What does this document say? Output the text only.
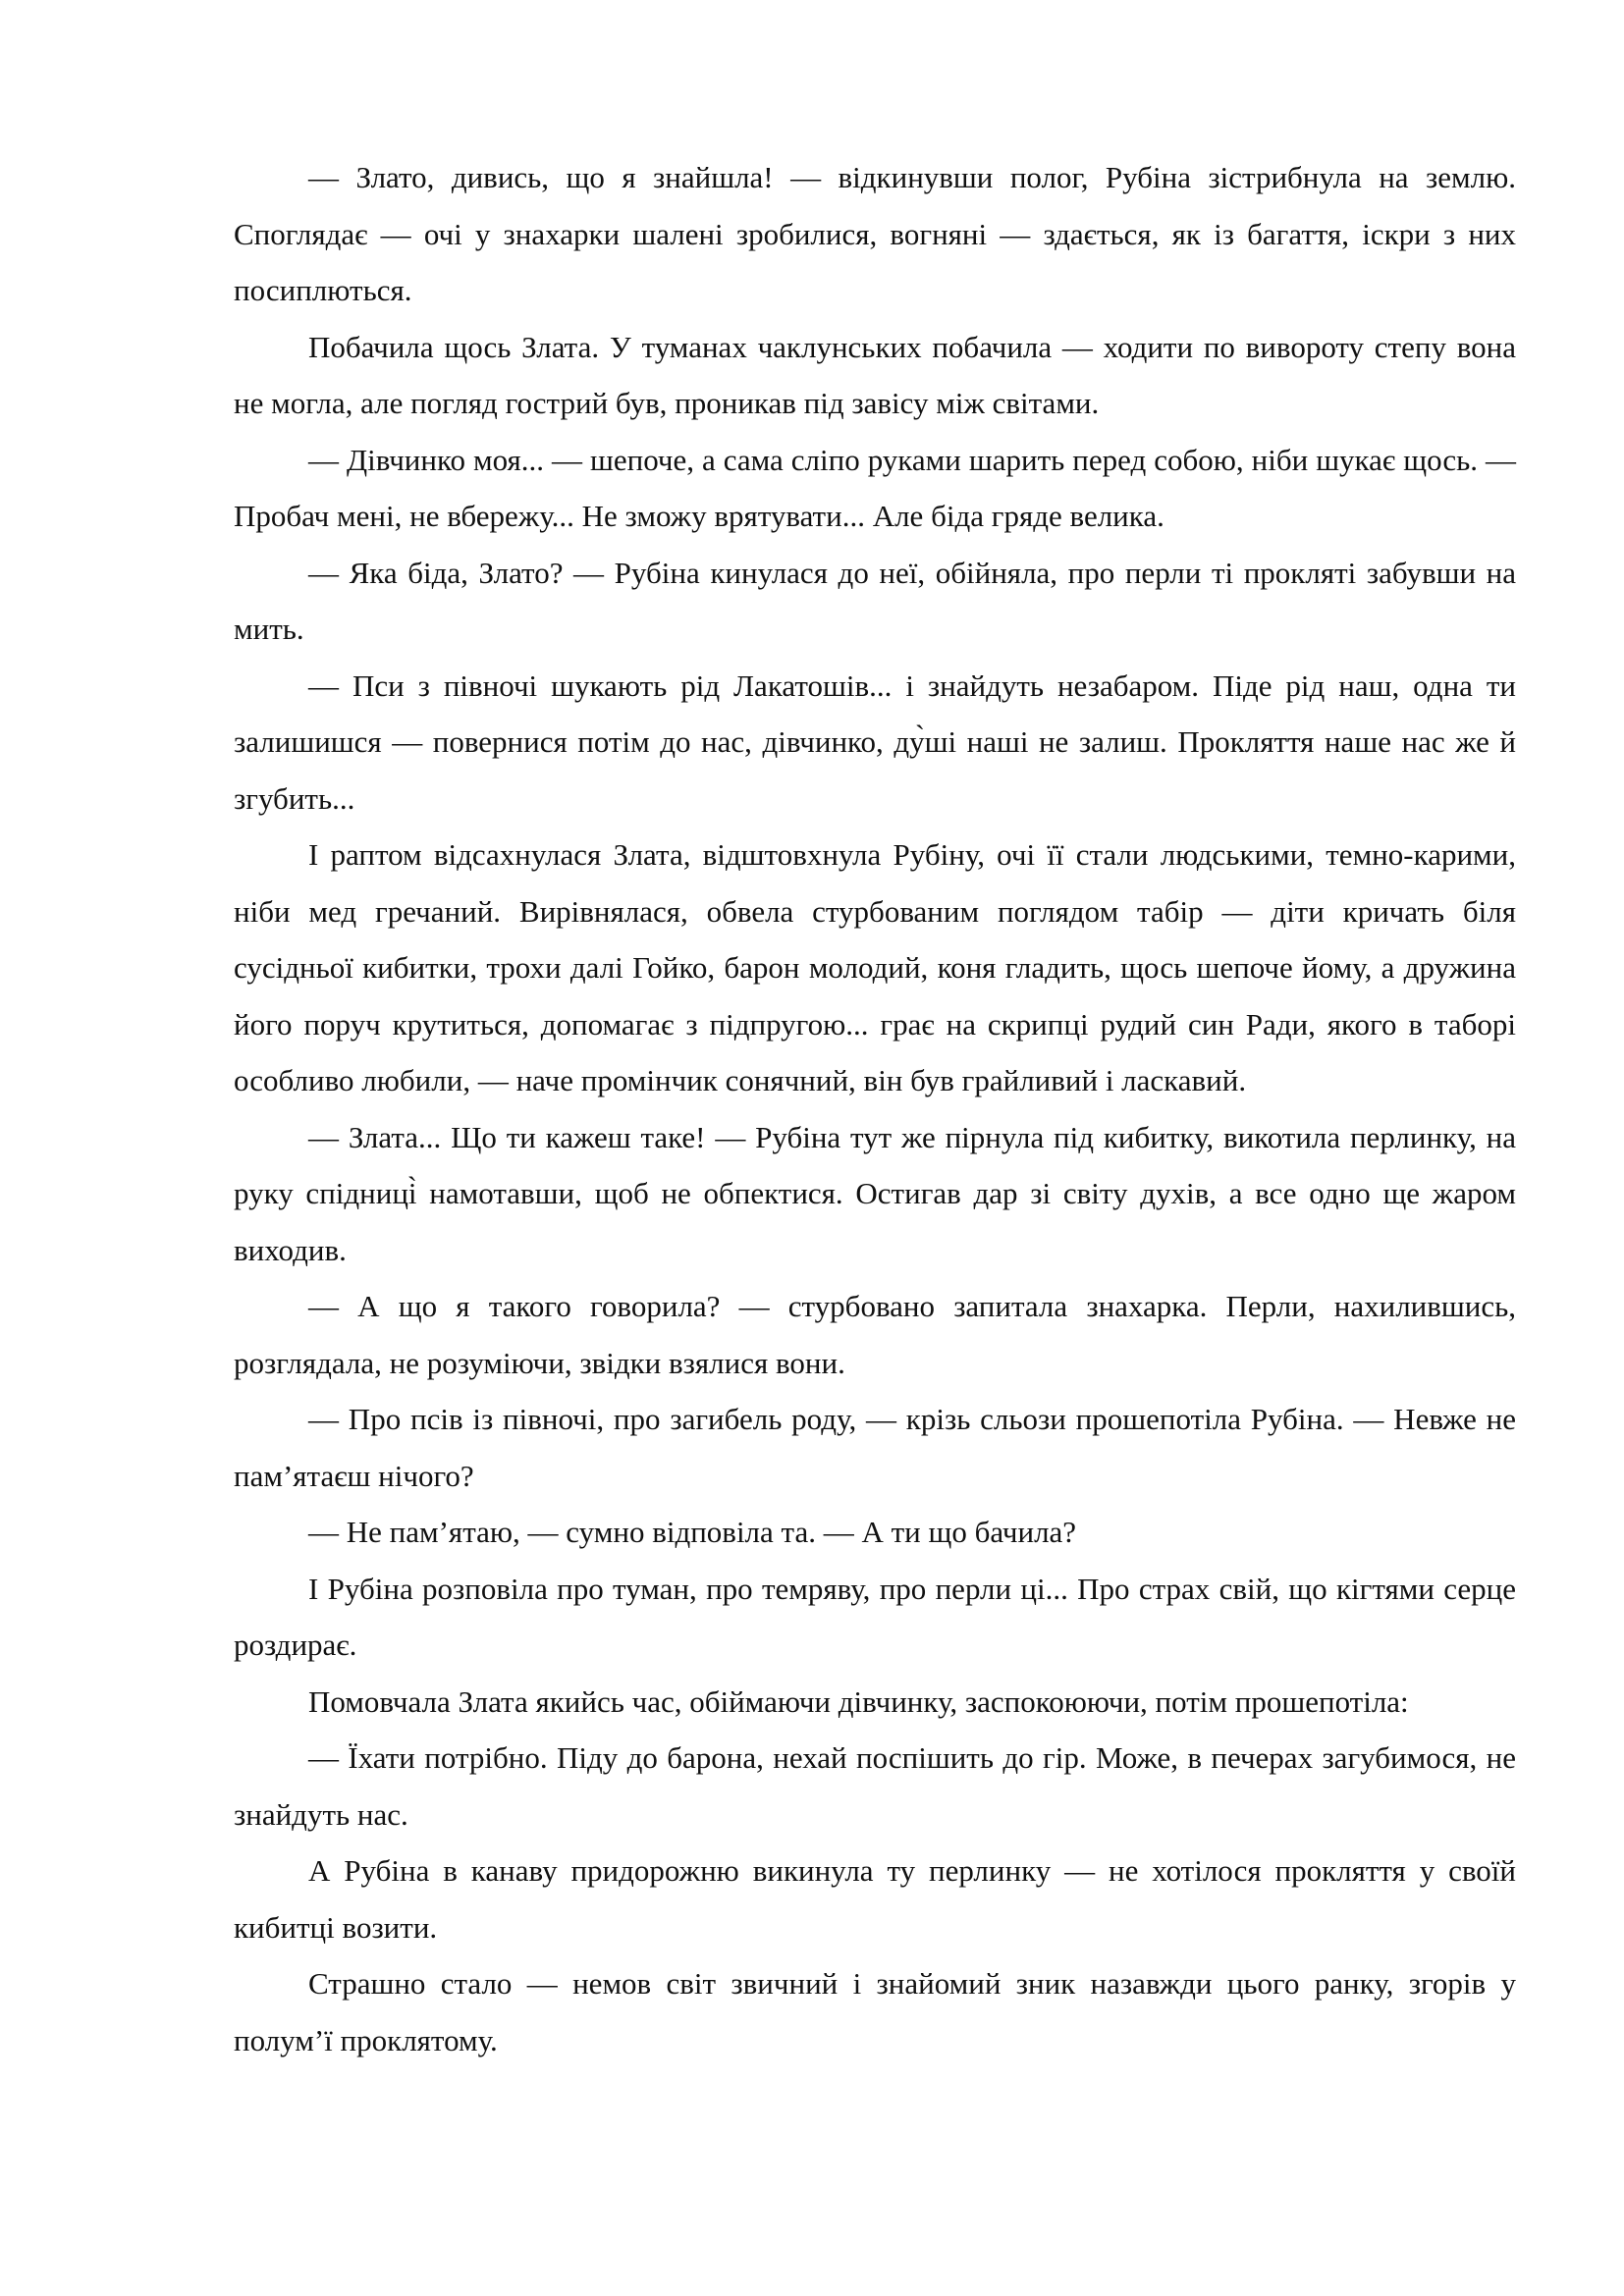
— Злато, дивись, що я знайшла! — відкинувши полог, Рубіна зістрибнула на землю. Споглядає — очі у знахарки шалені зробилися, вогняні — здається, як із багаття, іскри з них посиплються.

Побачила щось Злата. У туманах чаклунських побачила — ходити по вивороту степу вона не могла, але погляд гострий був, проникав під завісу між світами.

— Дівчинко моя... — шепоче, а сама сліпо руками шарить перед собою, ніби шукає щось. — Пробач мені, не вбережу... Не зможу врятувати... Але біда гряде велика.

— Яка біда, Злато? — Рубіна кинулася до неї, обійняла, про перли ті прокляті забувши на мить.

— Пси з півночі шукають рід Лакатошів... і знайдуть незабаром. Піде рід наш, одна ти залишишся — повернися потім до нас, дівчинко, ду̀ші наші не залиш. Прокляття наше нас же й згубить...

І раптом відсахнулася Злата, відштовхнула Рубіну, очі її стали людськими, темно-карими, ніби мед гречаний. Вирівнялася, обвела стурбованим поглядом табір — діти кричать біля сусідньої кибитки, трохи далі Гойко, барон молодий, коня гладить, щось шепоче йому, а дружина його поруч крутиться, допомагає з підпругою... грає на скрипці рудий син Ради, якого в таборі особливо любили, — наче промінчик сонячний, він був грайливий і ласкавий.

— Злата... Що ти кажеш таке! — Рубіна тут же пірнула під кибитку, викотила перлинку, на руку спідниці̀ намотавши, щоб не обпектися. Остигав дар зі світу духів, а все одно ще жаром виходив.

— А що я такого говорила? — стурбовано запитала знахарка. Перли, нахилившись, розглядала, не розуміючи, звідки взялися вони.

— Про псів із півночі, про загибель роду, — крізь сльози прошепотіла Рубіна. — Невже не пам’ятаєш нічого?

— Не пам’ятаю, — сумно відповіла та. — А ти що бачила?

І Рубіна розповіла про туман, про темряву, про перли ці... Про страх свій, що кігтями серце роздирає.

Помовчала Злата якийсь час, обіймаючи дівчинку, заспокоюючи, потім прошепотіла:

— Їхати потрібно. Піду до барона, нехай поспішить до гір. Може, в печерах загубимося, не знайдуть нас.

А Рубіна в канаву придорожню викинула ту перлинку — не хотілося прокляття у своїй кибитці возити.

Страшно стало — немов світ звичний і знайомий зник назавжди цього ранку, згорів у полум’ї проклятому.
